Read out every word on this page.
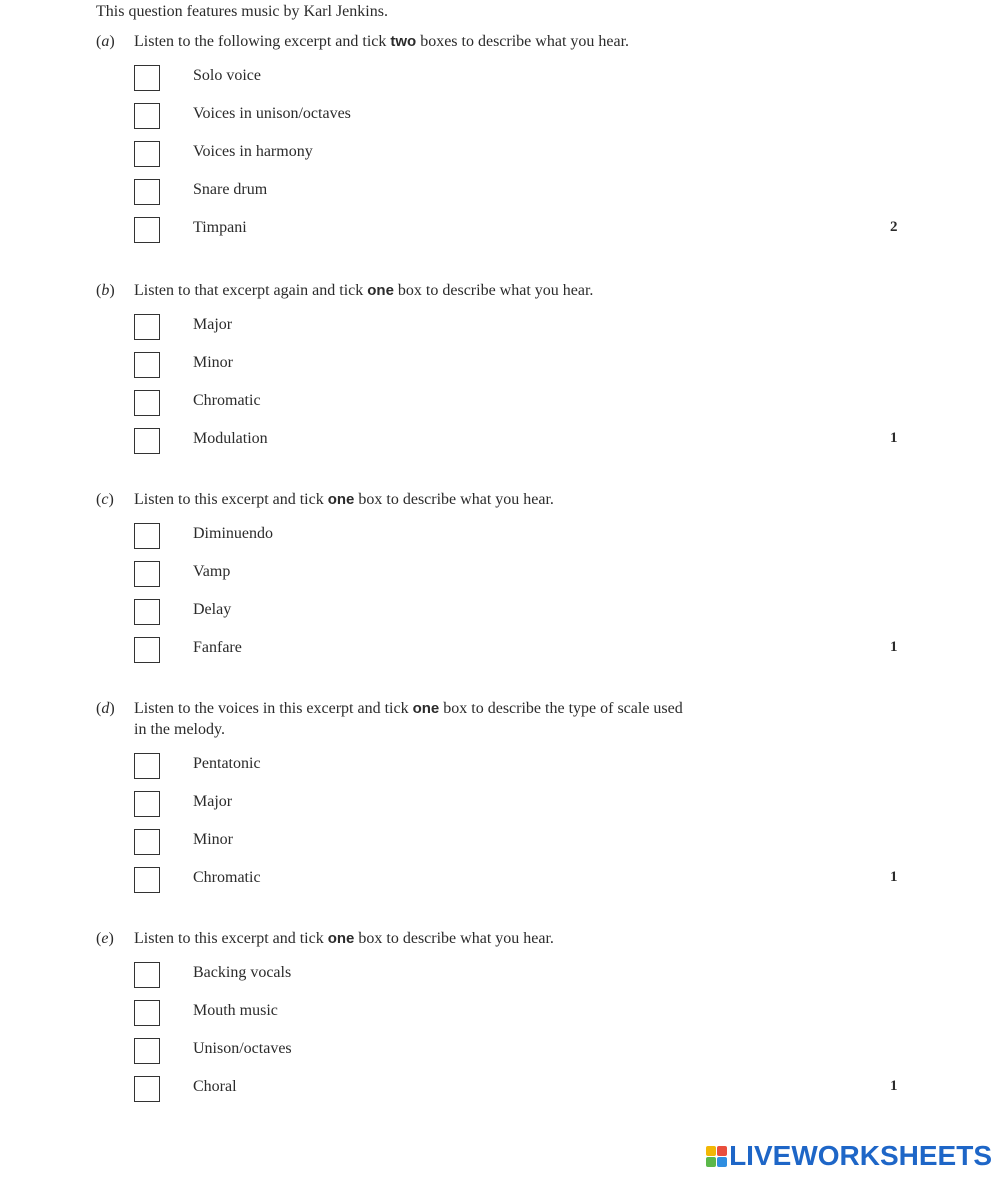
This question features music by Karl Jenkins.
(a) Listen to the following excerpt and tick two boxes to describe what you hear.
Solo voice
Voices in unison/octaves
Voices in harmony
Snare drum
Timpani	2
(b) Listen to that excerpt again and tick one box to describe what you hear.
Major
Minor
Chromatic
Modulation	1
(c) Listen to this excerpt and tick one box to describe what you hear.
Diminuendo
Vamp
Delay
Fanfare	1
(d) Listen to the voices in this excerpt and tick one box to describe the type of scale used
in the melody.
Pentatonic
Major
Minor
Chromatic	1
(e) Listen to this excerpt and tick one box to describe what you hear.
Backing vocals
Mouth music
Unison/octaves
Choral	1
LIVEWORKSHEETS
